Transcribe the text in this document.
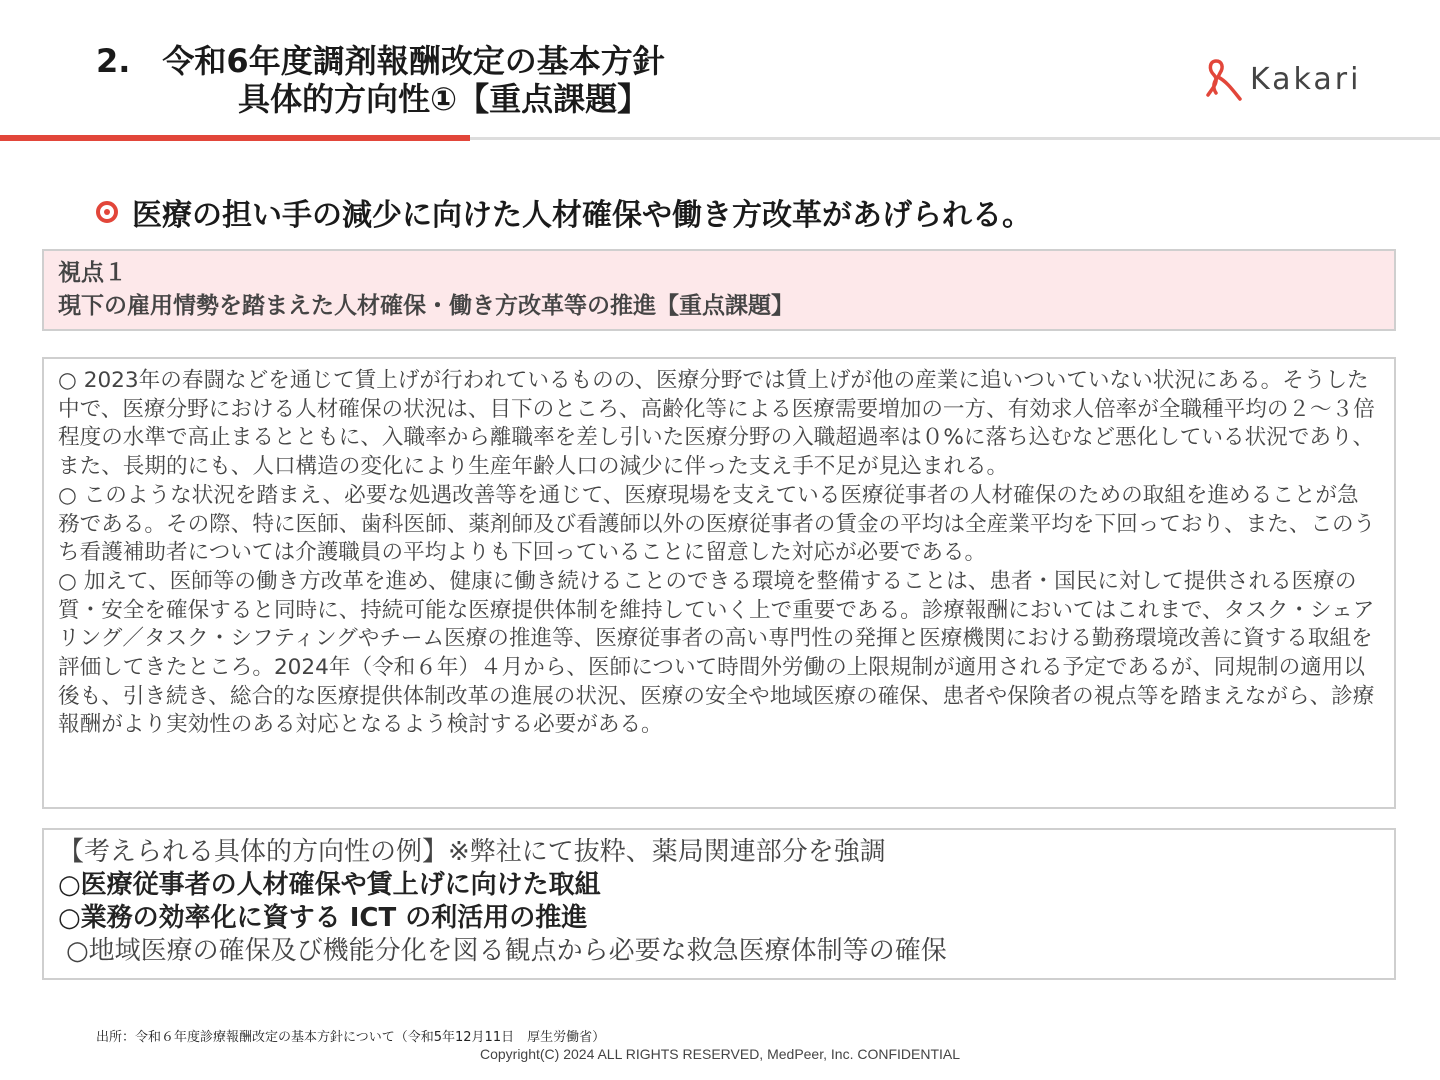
2.　令和6年度調剤報酬改定の基本方針
具体的方向性①【重点課題】
Kakari
医療の担い手の減少に向けた人材確保や働き方改革があげられる。
視点１
現下の雇用情勢を踏まえた人材確保・働き方改革等の推進【重点課題】

○ 2023年の春闘などを通じて賃上げが行われているものの、医療分野では賃上げが他の産業に追いついていない状況にある。そうした中で、医療分野における人材確保の状況は、目下のところ、高齢化等による医療需要増加の一方、有効求人倍率が全職種平均の２～３倍程度の水準で高止まるとともに、入職率から離職率を差し引いた医療分野の入職超過率は０%に落ち込むなど悪化している状況であり、また、長期的にも、人口構造の変化により生産年齢人口の減少に伴った支え手不足が見込まれる。

○ このような状況を踏まえ、必要な処遇改善等を通じて、医療現場を支えている医療従事者の人材確保のための取組を進めることが急務である。その際、特に医師、歯科医師、薬剤師及び看護師以外の医療従事者の賃金の平均は全産業平均を下回っており、また、このうち看護補助者については介護職員の平均よりも下回っていることに留意した対応が必要である。

○ 加えて、医師等の働き方改革を進め、健康に働き続けることのできる環境を整備することは、患者・国民に対して提供される医療の質・安全を確保すると同時に、持続可能な医療提供体制を維持していく上で重要である。診療報酬においてはこれまで、タスク・シェアリング／タスク・シフティングやチーム医療の推進等、医療従事者の高い専門性の発揮と医療機関における勤務環境改善に資する取組を評価してきたところ。2024年（令和６年）４月から、医師について時間外労働の上限規制が適用される予定であるが、同規制の適用以後も、引き続き、総合的な医療提供体制改革の進展の状況、医療の安全や地域医療の確保、患者や保険者の視点等を踏まえながら、診療報酬がより実効性のある対応となるよう検討する必要がある。

【考えられる具体的方向性の例】※弊社にて抜粋、薬局関連部分を強調
○医療従事者の人材確保や賃上げに向けた取組
○業務の効率化に資する ICT の利活用の推進
○地域医療の確保及び機能分化を図る観点から必要な救急医療体制等の確保
出所：令和６年度診療報酬改定の基本方針について（令和5年12月11日　厚生労働省）
Copyright(C) 2024 ALL RIGHTS RESERVED, MedPeer, Inc. CONFIDENTIAL
